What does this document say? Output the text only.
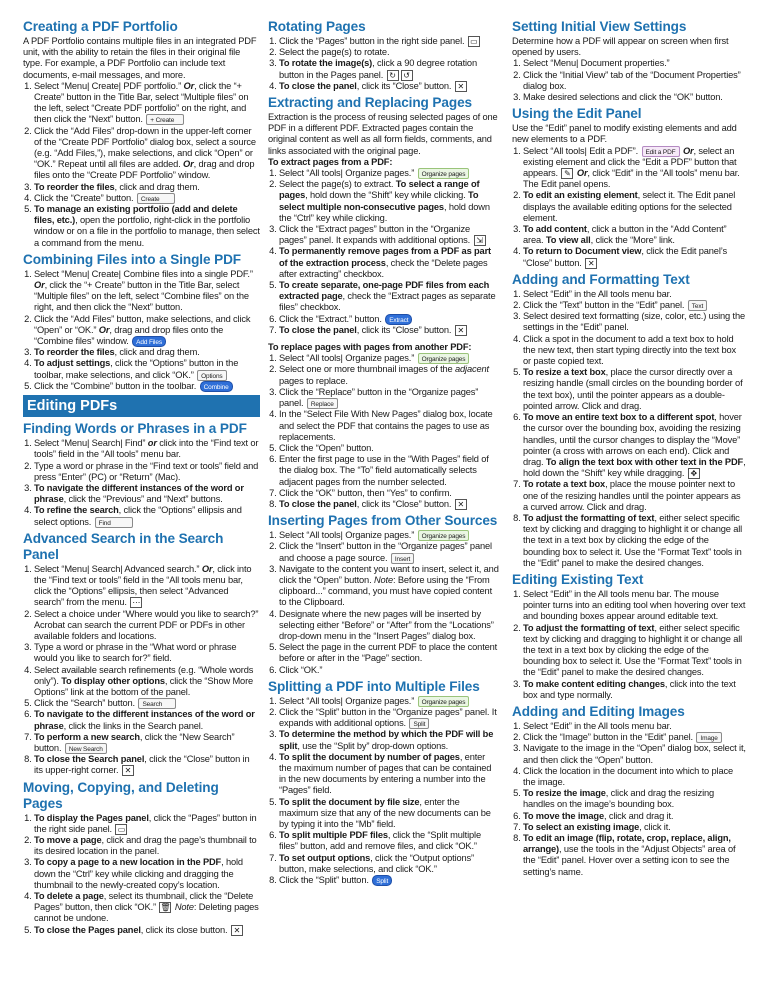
Creating a PDF Portfolio

A PDF Portfolio contains multiple files in an integrated PDF unit, with the ability to retain the files in their original file type. For example, a PDF Portfolio can include text documents, e-mail messages, and more.

1. Select “Menu| Create| PDF portfolio.” Or, click the “+ Create” button in the Title Bar, select “Multiple files” on the left, select “Create PDF portfolio” on the right, and then click the “Next” button. + Create
2. Click the “Add Files” drop-down in the upper-left corner of the “Create PDF Portfolio” dialog box, select a source (e.g. “Add Files,”), make selections, and click “Open” or “OK.” Repeat until all files are added. Or, drag and drop files onto the “Create PDF Portfolio” window.
3. To reorder the files, click and drag them.
4. Click the “Create” button. Create
5. To manage an existing portfolio (add and delete files, etc.), open the portfolio, right-click in the portfolio window or on a file in the portfolio to manage, then select a command from the menu.
Combining Files into a Single PDF
1. Select “Menu| Create| Combine files into a single PDF.” Or, click the “+ Create” button in the Title Bar, select “Multiple files” on the left, select “Combine files” on the right, and then click the “Next” button.
2. Click the “Add Files” button, make selections, and click “Open” or “OK.” Or, drag and drop files onto the “Combine files” window. Add Files
3. To reorder the files, click and drag them.
4. To adjust settings, click the “Options” button in the toolbar, make selections, and click “OK.” Options
5. Click the “Combine” button in the toolbar. Combine
Editing PDFs
Finding Words or Phrases in a PDF
1. Select “Menu| Search| Find” or click into the “Find text or tools” field in the “All tools” menu bar.
2. Type a word or phrase in the “Find text or tools” field and press “Enter” (PC) or “Return” (Mac).
3. To navigate the different instances of the word or phrase, click the “Previous” and “Next” buttons.
4. To refine the search, click the “Options” ellipsis and select options. Find
Advanced Search in the Search Panel
1. Select “Menu| Search| Advanced search.” Or, click into the “Find text or tools” field in the “All tools menu bar, click the “Options” ellipsis, then select “Advanced search” from the menu. ⋯
2. Select a choice under “Where would you like to search?” Acrobat can search the current PDF or PDFs in other available folders and locations.
3. Type a word or phrase in the “What word or phrase would you like to search for?” field.
4. Select available search refinements (e.g. “Whole words only”). To display other options, click the “Show More Options” link at the bottom of the panel.
5. Click the “Search” button. Search
6. To navigate to the different instances of the word or phrase, click the links in the Search panel.
7. To perform a new search, click the “New Search” button. New Search
8. To close the Search panel, click the “Close” button in its upper-right corner. ✕
Moving, Copying, and Deleting Pages
1. To display the Pages panel, click the “Pages” button in the right side panel. ▭
2. To move a page, click and drag the page’s thumbnail to its desired location in the panel.
3. To copy a page to a new location in the PDF, hold down the “Ctrl” key while clicking and dragging the thumbnail to the newly-created copy’s location.
4. To delete a page, select its thumbnail, click the “Delete Pages” button, then click “OK.” 🗑 Note: Deleting pages cannot be undone.
5. To close the Pages panel, click its close button. ✕
Rotating Pages
1. Click the “Pages” button in the right side panel. ▭
2. Select the page(s) to rotate.
3. To rotate the image(s), click a 90 degree rotation button in the Pages panel. ↻ ↺
4. To close the panel, click its “Close” button. ✕
Extracting and Replacing Pages

Extraction is the process of reusing selected pages of one PDF in a different PDF. Extracted pages contain the original content as well as all form fields, comments, and links associated with the original page.

To extract pages from a PDF:

1. Select “All tools| Organize pages.” Organize pages
2. Select the page(s) to extract. To select a range of pages, hold down the “Shift” key while clicking. To select multiple non-consecutive pages, hold down the “Ctrl” key while clicking.
3. Click the “Extract pages” button in the “Organize pages” panel. It expands with additional options. ⇲
4. To permanently remove pages from a PDF as part of the extraction process, check the “Delete pages after extracting” checkbox.
5. To create separate, one-page PDF files from each extracted page, check the “Extract pages as separate files” checkbox.
6. Click the “Extract.” button. Extract
7. To close the panel, click its “Close” button. ✕

To replace pages with pages from another PDF:

1. Select “All tools| Organize pages.” Organize pages
2. Select one or more thumbnail images of the adjacent pages to replace.
3. Click the “Replace” button in the “Organize pages” panel. Replace
4. In the “Select File With New Pages” dialog box, locate and select the PDF that contains the pages to use as replacements.
5. Click the “Open” button.
6. Enter the first page to use in the “With Pages” field of the dialog box. The “To” field automatically selects adjacent pages from the number selected.
7. Click the “OK” button, then “Yes” to confirm.
8. To close the panel, click its “Close” button. ✕
Inserting Pages from Other Sources
1. Select “All tools| Organize pages.” Organize pages
2. Click the “Insert” button in the “Organize pages” panel and choose a page source. Insert
3. Navigate to the content you want to insert, select it, and click the “Open” button. Note: Before using the “From clipboard...” command, you must have copied content to the Clipboard.
4. Designate where the new pages will be inserted by selecting either “Before” or “After” from the “Locations” drop-down menu in the “Insert Pages” dialog box.
5. Select the page in the current PDF to place the content before or after in the “Page” section.
6. Click “OK.”
Splitting a PDF into Multiple Files
1. Select “All tools| Organize pages.” Organize pages
2. Click the “Split” button in the “Organize pages” panel. It expands with additional options. Split
3. To determine the method by which the PDF will be split, use the “Split by” drop-down options.
4. To split the document by number of pages, enter the maximum number of pages that can be contained in the new documents by entering a number into the “Pages” field.
5. To split the document by file size, enter the maximum size that any of the new documents can be by typing it into the “Mb” field.
6. To split multiple PDF files, click the “Split multiple files” button, add and remove files, and click “OK.”
7. To set output options, click the “Output options” button, make selections, and click “OK.”
8. Click the “Split” button. Split
Setting Initial View Settings

Determine how a PDF will appear on screen when first opened by users.

1. Select “Menu| Document properties.”
2. Click the “Initial View” tab of the “Document Properties” dialog box.
3. Make desired selections and click the “OK” button.
Using the Edit Panel

Use the “Edit” panel to modify existing elements and add new elements to a PDF.

1. Select “All tools| Edit a PDF”. Edit a PDF Or, select an existing element and click the “Edit a PDF” button that appears. ✎ Or, click “Edit” in the “All tools” menu bar. The Edit panel opens.
2. To edit an existing element, select it. The Edit panel displays the available editing options for the selected element.
3. To add content, click a button in the “Add Content” area. To view all, click the “More” link.
4. To return to Document view, click the Edit panel’s “Close” button. ✕
Adding and Formatting Text
1. Select “Edit” in the All tools menu bar.
2. Click the “Text” button in the “Edit” panel. Text
3. Select desired text formatting (size, color, etc.) using the settings in the “Edit” panel.
4. Click a spot in the document to add a text box to hold the new text, then start typing directly into the text box or paste copied text.
5. To resize a text box, place the cursor directly over a resizing handle (small circles on the bounding border of the text box), until the pointer appears as a double-pointed arrow. Click and drag.
6. To move an entire text box to a different spot, hover the cursor over the bounding box, avoiding the resizing handles, until the cursor changes to display the “Move” pointer (a cross with arrows on each end). Click and drag. To align the text box with other text in the PDF, hold down the “Shift” key while dragging. ✥
7. To rotate a text box, place the mouse pointer next to one of the resizing handles until the pointer appears as a curved arrow. Click and drag.
8. To adjust the formatting of text, either select specific text by clicking and dragging to highlight it or change all the text in a text box by clicking the edge of the bounding box to select it. Use the “Format Text” tools in the “Edit” panel to make the desired changes.
Editing Existing Text
1. Select “Edit” in the All tools menu bar. The mouse pointer turns into an editing tool when hovering over text and bounding boxes appear around editable text.
2. To adjust the formatting of text, either select specific text by clicking and dragging to highlight it or change all the text in a text box by clicking the edge of the bounding box to select it. Use the “Format Text” tools in the “Edit” panel to make the desired changes.
3. To make content editing changes, click into the text box and type normally.
Adding and Editing Images
1. Select “Edit” in the All tools menu bar.
2. Click the “Image” button in the “Edit” panel. Image
3. Navigate to the image in the “Open” dialog box, select it, and then click the “Open” button.
4. Click the location in the document into which to place the image.
5. To resize the image, click and drag the resizing handles on the image’s bounding box.
6. To move the image, click and drag it.
7. To select an existing image, click it.
8. To edit an image (flip, rotate, crop, replace, align, arrange), use the tools in the “Adjust Objects” area of the “Edit” panel. Hover over a setting icon to see the setting’s name.
